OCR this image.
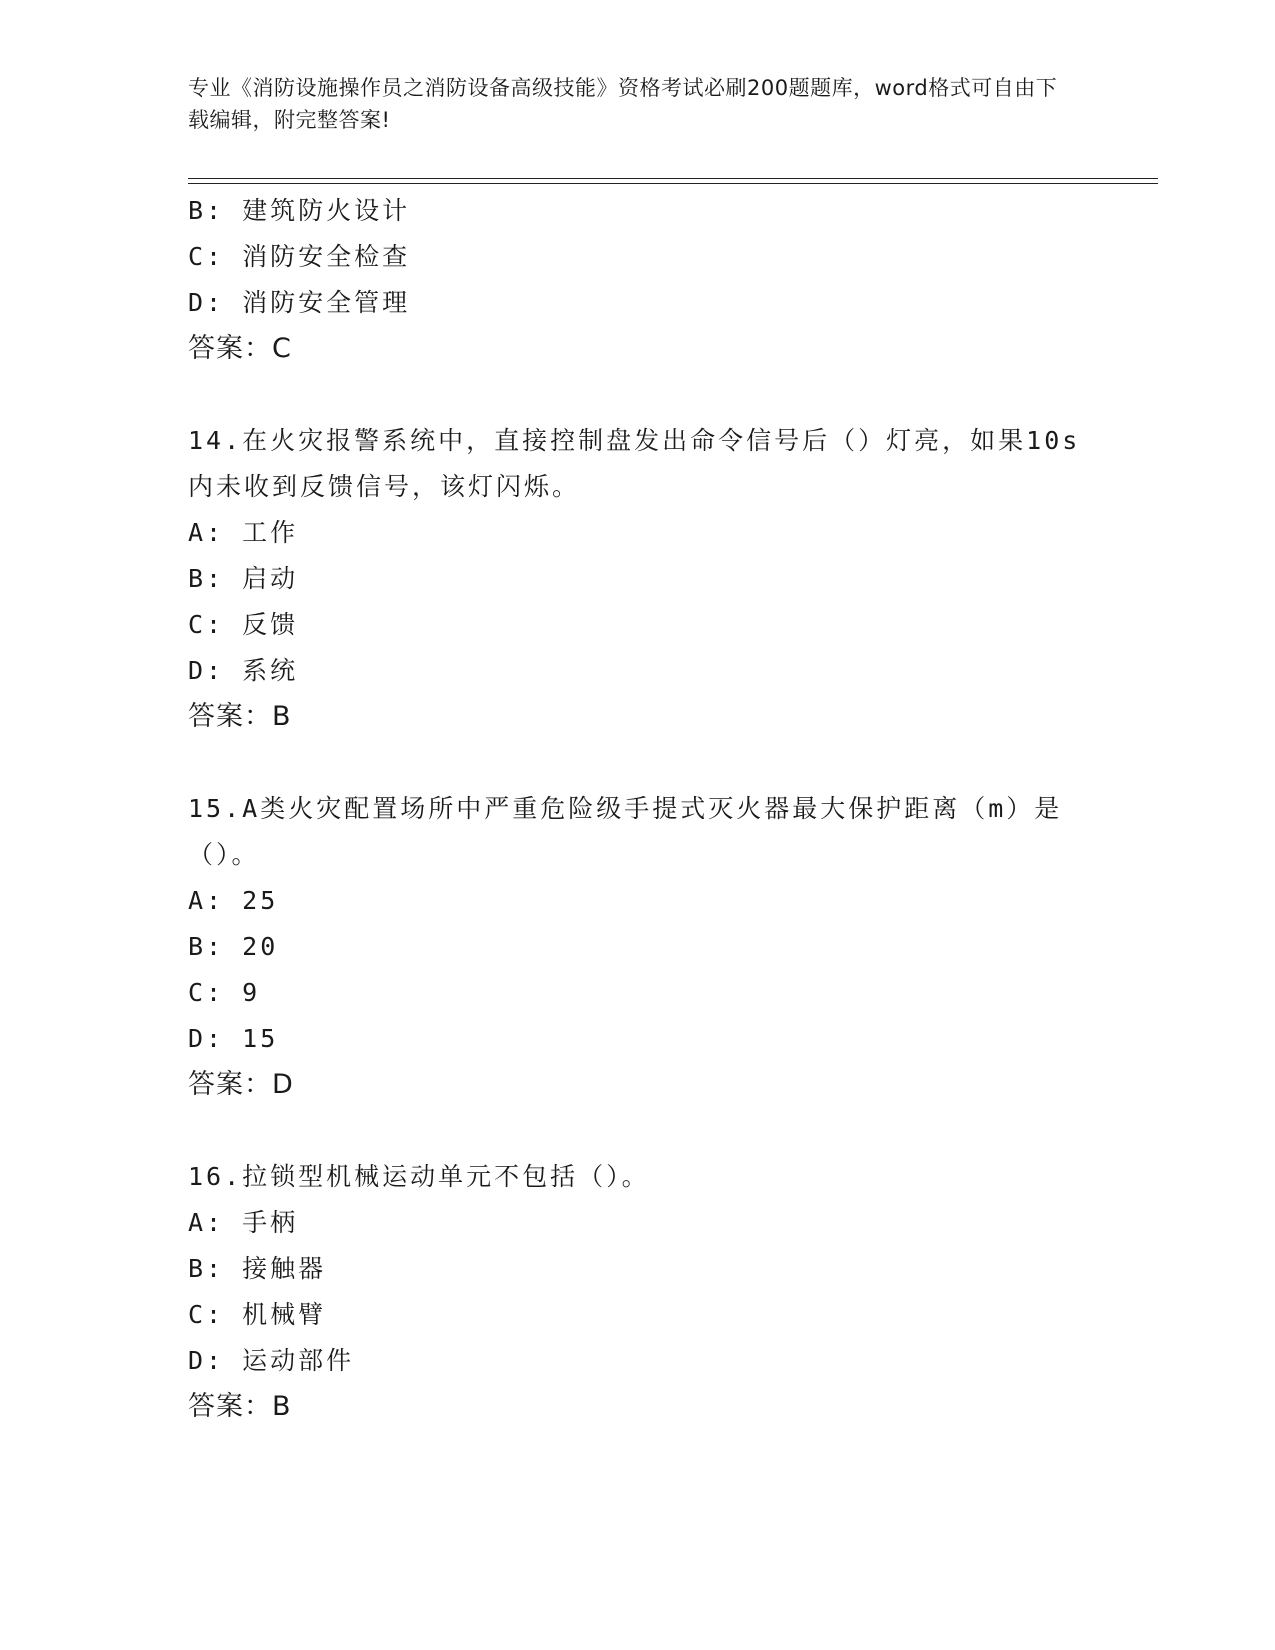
专业《消防设施操作员之消防设备高级技能》资格考试必刷200题题库，word格式可自由下载编辑，附完整答案!
B: 建筑防火设计
C: 消防安全检查
D: 消防安全管理
答案：C
14.在火灾报警系统中，直接控制盘发出命令信号后（）灯亮，如果10s内未收到反馈信号，该灯闪烁。
A: 工作
B: 启动
C: 反馈
D: 系统
答案：B
15.A类火灾配置场所中严重危险级手提式灭火器最大保护距离（m）是（）。
A: 25
B: 20
C: 9
D: 15
答案：D
16.拉锁型机械运动单元不包括（）。
A: 手柄
B: 接触器
C: 机械臂
D: 运动部件
答案：B
